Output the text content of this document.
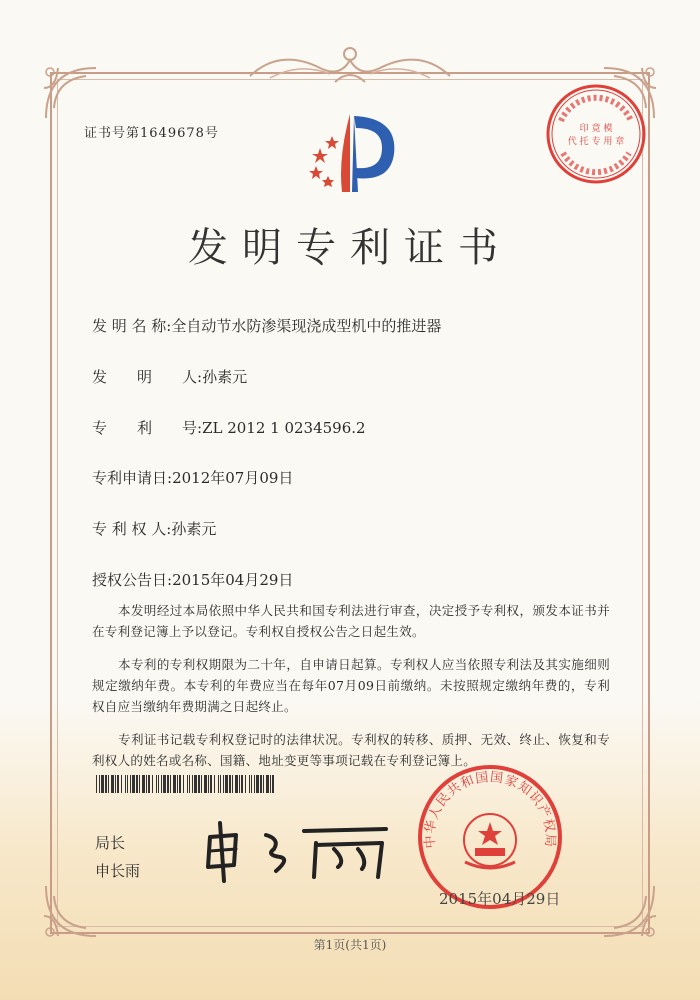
证书号第1649678号	印 竟 模
代 托 专 用 章
发明专利证书
发 明 名 称:全自动节水防渗渠现浇成型机中的推进器
发　　明　　人:孙素元
专　　利　　号:ZL 2012 1 0234596.2
专利申请日:2012年07月09日
专 利 权 人:孙素元
授权公告日:2015年04月29日

本发明经过本局依照中华人民共和国专利法进行审查，决定授予专利权，颁发本证书并在专利登记簿上予以登记。专利权自授权公告之日起生效。

本专利的专利权期限为二十年，自申请日起算。专利权人应当依照专利法及其实施细则规定缴纳年费。本专利的年费应当在每年07月09日前缴纳。未按照规定缴纳年费的，专利权自应当缴纳年费期满之日起终止。

专利证书记载专利权登记时的法律状况。专利权的转移、质押、无效、终止、恢复和专利权人的姓名或名称、国籍、地址变更等事项记载在专利登记簿上。

局长
申长雨
中华人民共和国国家知识产权局
2015年04月29日
第1页(共1页)
